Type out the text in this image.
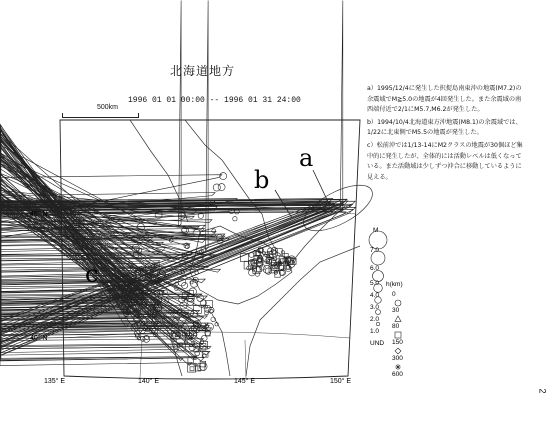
北海道地方
1996 01 01 00:00 -- 1996 01 31 24:00
500km
a
b
c
45° N
40° N
135° E	140° E	145° E	150° E
M
7.0
6.0
5.0
4.0
3.0
2.0
1.0
UND
h(km)
0
30
80
150
300
600

a）1995/12/4に発生した択捉島南東沖の地震(M7.2)の余震域でM≧5.0の地震が4回発生した。また余震域の南西端付近で2/1にM5.7,M6.2が発生した。

b）1994/10/4北海道東方沖地震(M8.1)の余震域では、1/22に北東側でM5.5の地震が発生した。

c）松前沖では1/13-14にM2クラスの地震が30個ほど集中的に発生したが、全体的には活動レベルは低くなっている。また活動域は少しずつ沖合に移動しているように見える。

2
